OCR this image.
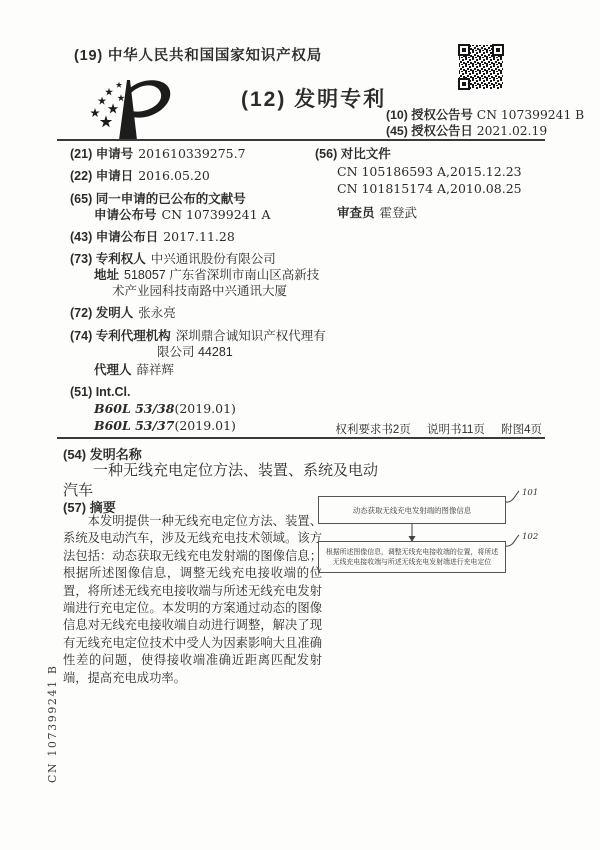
(19) 中华人民共和国国家知识产权局
(12) 发明专利
(10) 授权公告号 CN 107399241 B
(45) 授权公告日 2021.02.19
(21) 申请号 201610339275.7
(22) 申请日 2016.05.20
(65) 同一申请的已公布的文献号
申请公布号 CN 107399241 A
(43) 申请公布日 2017.11.28
(73) 专利权人 中兴通讯股份有限公司
地址 518057 广东省深圳市南山区高新技术产业园科技南路中兴通讯大厦
(72) 发明人 张永亮
(74) 专利代理机构 深圳鼎合诚知识产权代理有限公司 44281
代理人 薛祥辉
(51) Int.Cl.
B60L 53/38(2019.01)
B60L 53/37(2019.01)
(56) 对比文件
CN 105186593 A,2015.12.23
CN 101815174 A,2010.08.25
审查员 霍登武
权利要求书2页 说明书11页 附图4页
(54) 发明名称
一种无线充电定位方法、装置、系统及电动汽车
(57) 摘要
本发明提供一种无线充电定位方法、装置、系统及电动汽车，涉及无线充电技术领域。该方法包括：动态获取无线充电发射端的图像信息；根据所述图像信息，调整无线充电接收端的位置，将所述无线充电接收端与所述无线充电发射端进行充电定位。本发明的方案通过动态的图像信息对无线充电接收端自动进行调整，解决了现有无线充电定位技术中受人为因素影响大且准确性差的问题，使得接收端准确近距离匹配发射端，提高充电成功率。
动态获取无线充电发射端的图像信息
101
根据所述图像信息，调整无线充电接收端的位置，将所述
无线充电接收端与所述无线充电发射端进行充电定位
102
CN 107399241 B
